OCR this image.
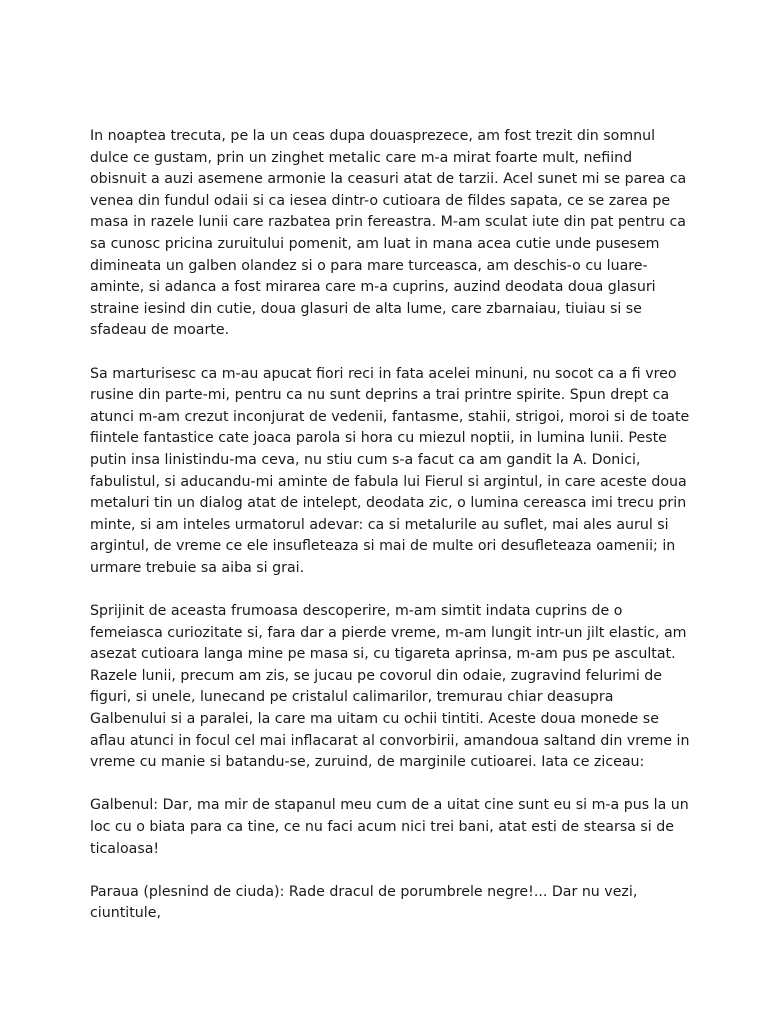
In noaptea trecuta, pe la un ceas dupa douasprezece, am fost trezit din somnul dulce ce gustam, prin un zinghet metalic care m-a mirat foarte mult, nefiind obisnuit a auzi asemene armonie la ceasuri atat de tarzii. Acel sunet mi se parea ca venea din fundul odaii si ca iesea dintr-o cutioara de fildes sapata, ce se zarea pe masa in razele lunii care razbatea prin fereastra. M-am sculat iute din pat pentru ca sa cunosc pricina zuruitului pomenit, am luat in mana acea cutie unde pusesem dimineata un galben olandez si o para mare turceasca, am deschis-o cu luare-aminte, si adanca a fost mirarea care m-a cuprins, auzind deodata doua glasuri straine iesind din cutie, doua glasuri de alta lume, care zbarnaiau, tiuiau si se sfadeau de moarte.

Sa marturisesc ca m-au apucat fiori reci in fata acelei minuni, nu socot ca a fi vreo rusine din parte-mi, pentru ca nu sunt deprins a trai printre spirite. Spun drept ca atunci m-am crezut inconjurat de vedenii, fantasme, stahii, strigoi, moroi si de toate fiintele fantastice cate joaca parola si hora cu miezul noptii, in lumina lunii. Peste putin insa linistindu-ma ceva, nu stiu cum s-a facut ca am gandit la A. Donici, fabulistul, si aducandu-mi aminte de fabula lui Fierul si argintul, in care aceste doua metaluri tin un dialog atat de intelept, deodata zic, o lumina cereasca imi trecu prin minte, si am inteles urmatorul adevar: ca si metalurile au suflet, mai ales aurul si argintul, de vreme ce ele insufleteaza si mai de multe ori desufleteaza oamenii; in urmare trebuie sa aiba si grai.

Sprijinit de aceasta frumoasa descoperire, m-am simtit indata cuprins de o femeiasca curiozitate si, fara dar a pierde vreme, m-am lungit intr-un jilt elastic, am asezat cutioara langa mine pe masa si, cu tigareta aprinsa, m-am pus pe ascultat. Razele lunii, precum am zis, se jucau pe covorul din odaie, zugravind felurimi de figuri, si unele, lunecand pe cristalul calimarilor, tremurau chiar deasupra Galbenului si a paralei, la care ma uitam cu ochii tintiti. Aceste doua monede se aflau atunci in focul cel mai inflacarat al convorbirii, amandoua saltand din vreme in vreme cu manie si batandu-se, zuruind, de marginile cutioarei. Iata ce ziceau:

Galbenul: Dar, ma mir de stapanul meu cum de a uitat cine sunt eu si m-a pus la un loc cu o biata para ca tine, ce nu faci acum nici trei bani, atat esti de stearsa si de ticaloasa!

Paraua (plesnind de ciuda): Rade dracul de porumbrele negre!... Dar nu vezi, ciuntitule,
